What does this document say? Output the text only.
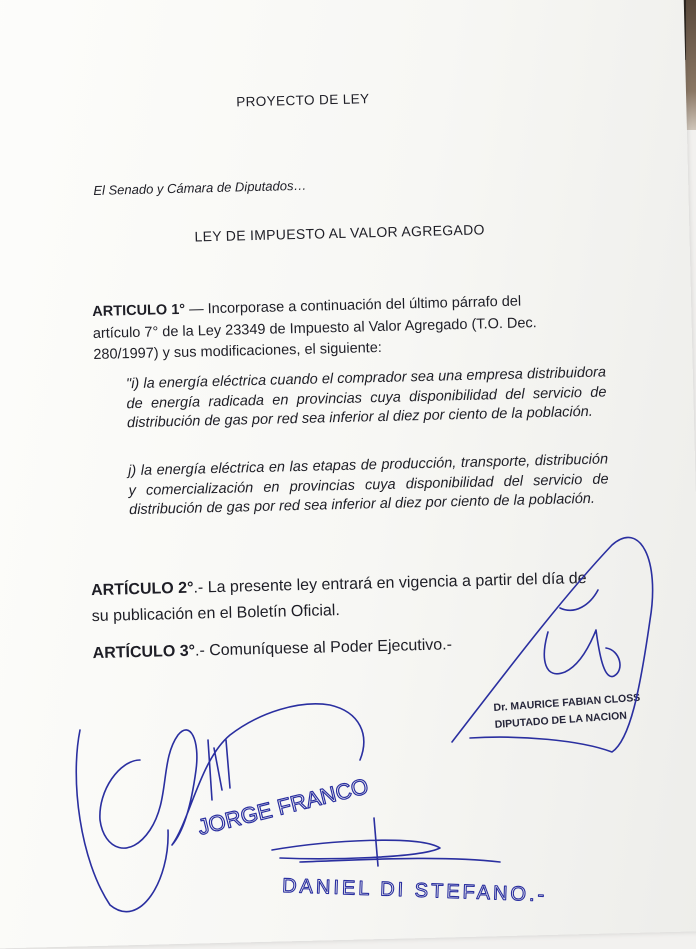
PROYECTO DE LEY
El Senado y Cámara de Diputados…
LEY DE IMPUESTO AL VALOR AGREGADO
ARTICULO 1° — Incorporase a continuación del último párrafo del
artículo 7° de la Ley 23349 de Impuesto al Valor Agregado (T.O. Dec.
280/1997) y sus modificaciones, el siguiente:
"i) la energía eléctrica cuando el comprador sea una empresa distribuidora de energía radicada en provincias cuya disponibilidad del servicio de distribución de gas por red sea inferior al diez por ciento de la población.
j) la energía eléctrica en las etapas de producción, transporte, distribución y comercialización en provincias cuya disponibilidad del servicio de distribución de gas por red sea inferior al diez por ciento de la población.
ARTÍCULO 2°.- La presente ley entrará en vigencia a partir del día de
su publicación en el Boletín Oficial.
ARTÍCULO 3°.- Comuníquese al Poder Ejecutivo.-
Dr. MAURICE FABIAN CLOSS
DIPUTADO DE LA NACION
JORGE FRANCO
DANIEL DI STEFANO.-
